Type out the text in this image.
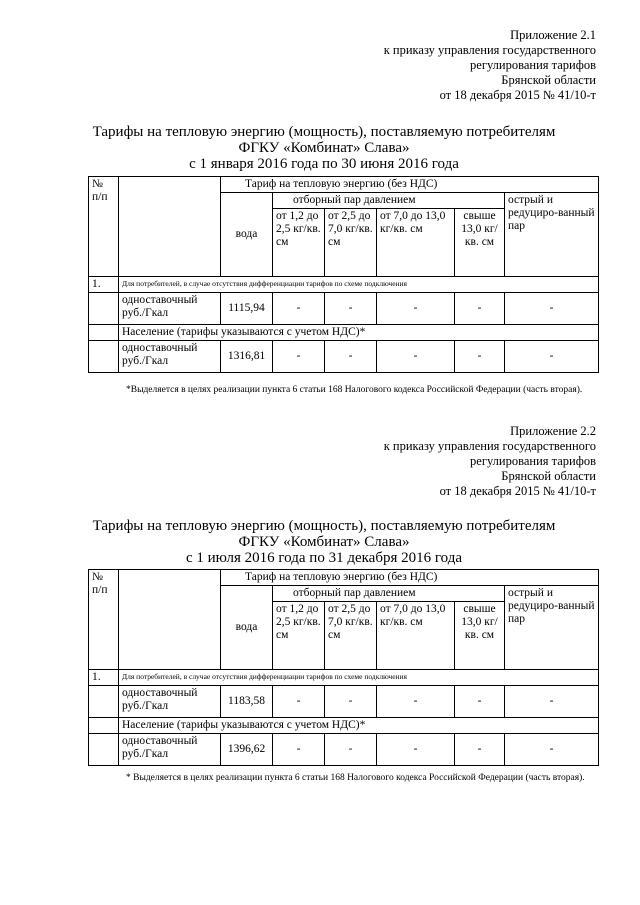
Приложение 2.1
к приказу управления государственного
регулирования тарифов
Брянской области
от 18 декабря 2015 № 41/10-т
Тарифы на тепловую энергию (мощность), поставляемую потребителям
ФГКУ «Комбинат» Слава»
с 1 января 2016 года по 30 июня 2016 года
№ п/п		Тариф на тепловую энергию (без НДС)					
		вода	отборный пар давлением				острый и редуциро-ванный пар
			от 1,2 до 2,5 кг/кв. см	от 2,5 до 7,0 кг/кв. см	от 7,0 до 13,0 кг/кв. см	свыше 13,0 кг/ кв. см	
1.	Для потребителей, в случае отсутствия дифференциации тарифов по схеме подключения						
	одноставочный руб./Гкал	1115,94	-	-	-	-	-
	Население (тарифы указываются с учетом НДС)*						
	одноставочный руб./Гкал	1316,81	-	-	-	-	-
*Выделяется в целях реализации пункта 6 статьи 168 Налогового кодекса Российской Федерации (часть вторая).
Приложение 2.2
к приказу управления государственного
регулирования тарифов
Брянской области
от 18 декабря 2015 № 41/10-т
Тарифы на тепловую энергию (мощность), поставляемую потребителям
ФГКУ «Комбинат» Слава»
с 1 июля 2016 года по 31 декабря 2016 года
№ п/п		Тариф на тепловую энергию (без НДС)					
		вода	отборный пар давлением				острый и редуциро-ванный пар
			от 1,2 до 2,5 кг/кв. см	от 2,5 до 7,0 кг/кв. см	от 7,0 до 13,0 кг/кв. см	свыше 13,0 кг/ кв. см	
1.	Для потребителей, в случае отсутствия дифференциации тарифов по схеме подключения						
	одноставочный руб./Гкал	1183,58	-	-	-	-	-
	Население (тарифы указываются с учетом НДС)*						
	одноставочный руб./Гкал	1396,62	-	-	-	-	-
* Выделяется в целях реализации пункта 6 статьи 168 Налогового кодекса Российской Федерации (часть вторая).
